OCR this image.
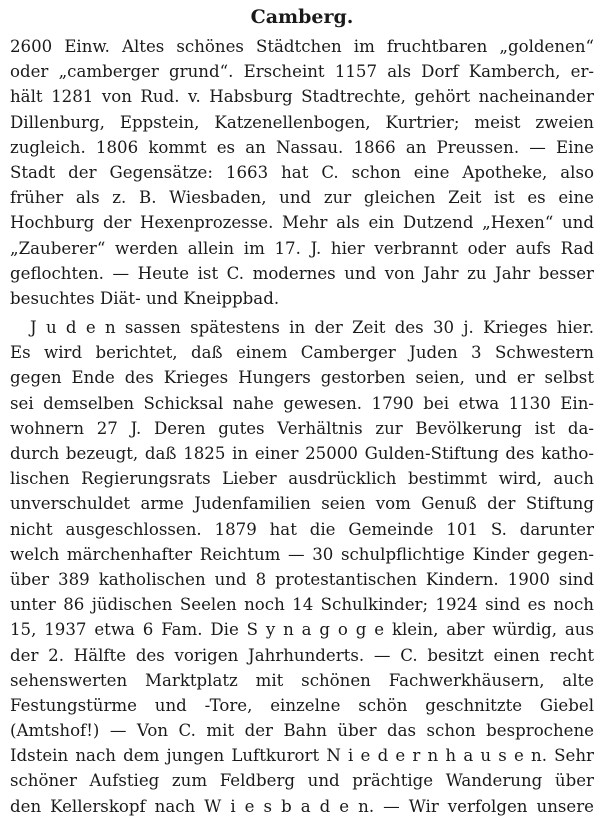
Camberg.
2600 Einw. Altes schönes Städtchen im fruchtbaren „goldenen“
oder „camberger grund“. Erscheint 1157 als Dorf Kamberch, er-
hält 1281 von Rud. v. Habsburg Stadtrechte, gehört nacheinander
Dillenburg, Eppstein, Katzenellenbogen, Kurtrier; meist zweien
zugleich. 1806 kommt es an Nassau. 1866 an Preussen. — Eine
Stadt der Gegensätze: 1663 hat C. schon eine Apotheke, also
früher als z. B. Wiesbaden, und zur gleichen Zeit ist es eine
Hochburg der Hexenprozesse. Mehr als ein Dutzend „Hexen“ und
„Zauberer“ werden allein im 17. J. hier verbrannt oder aufs Rad
geflochten. — Heute ist C. modernes und von Jahr zu Jahr besser
besuchtes Diät- und Kneippbad.
J u d e n sassen spätestens in der Zeit des 30 j. Krieges hier.
Es wird berichtet, daß einem Camberger Juden 3 Schwestern
gegen Ende des Krieges Hungers gestorben seien, und er selbst
sei demselben Schicksal nahe gewesen. 1790 bei etwa 1130 Ein-
wohnern 27 J. Deren gutes Verhältnis zur Bevölkerung ist da-
durch bezeugt, daß 1825 in einer 25000 Gulden-Stiftung des katho-
lischen Regierungsrats Lieber ausdrücklich bestimmt wird, auch
unverschuldet arme Judenfamilien seien vom Genuß der Stiftung
nicht ausgeschlossen. 1879 hat die Gemeinde 101 S. darunter
welch märchenhafter Reichtum — 30 schulpflichtige Kinder gegen-
über 389 katholischen und 8 protestantischen Kindern. 1900 sind
unter 86 jüdischen Seelen noch 14 Schulkinder; 1924 sind es noch
15, 1937 etwa 6 Fam. Die S y n a g o g e klein, aber würdig, aus
der 2. Hälfte des vorigen Jahrhunderts. — C. besitzt einen recht
sehenswerten Marktplatz mit schönen Fachwerkhäusern, alte
Festungstürme und -Tore, einzelne schön geschnitzte Giebel
(Amtshof!) — Von C. mit der Bahn über das schon besprochene
Idstein nach dem jungen Luftkurort N i e d e r n h a u s e n. Sehr
schöner Aufstieg zum Feldberg und prächtige Wanderung über
den Kellerskopf nach W i e s b a d e n. — Wir verfolgen unsere
